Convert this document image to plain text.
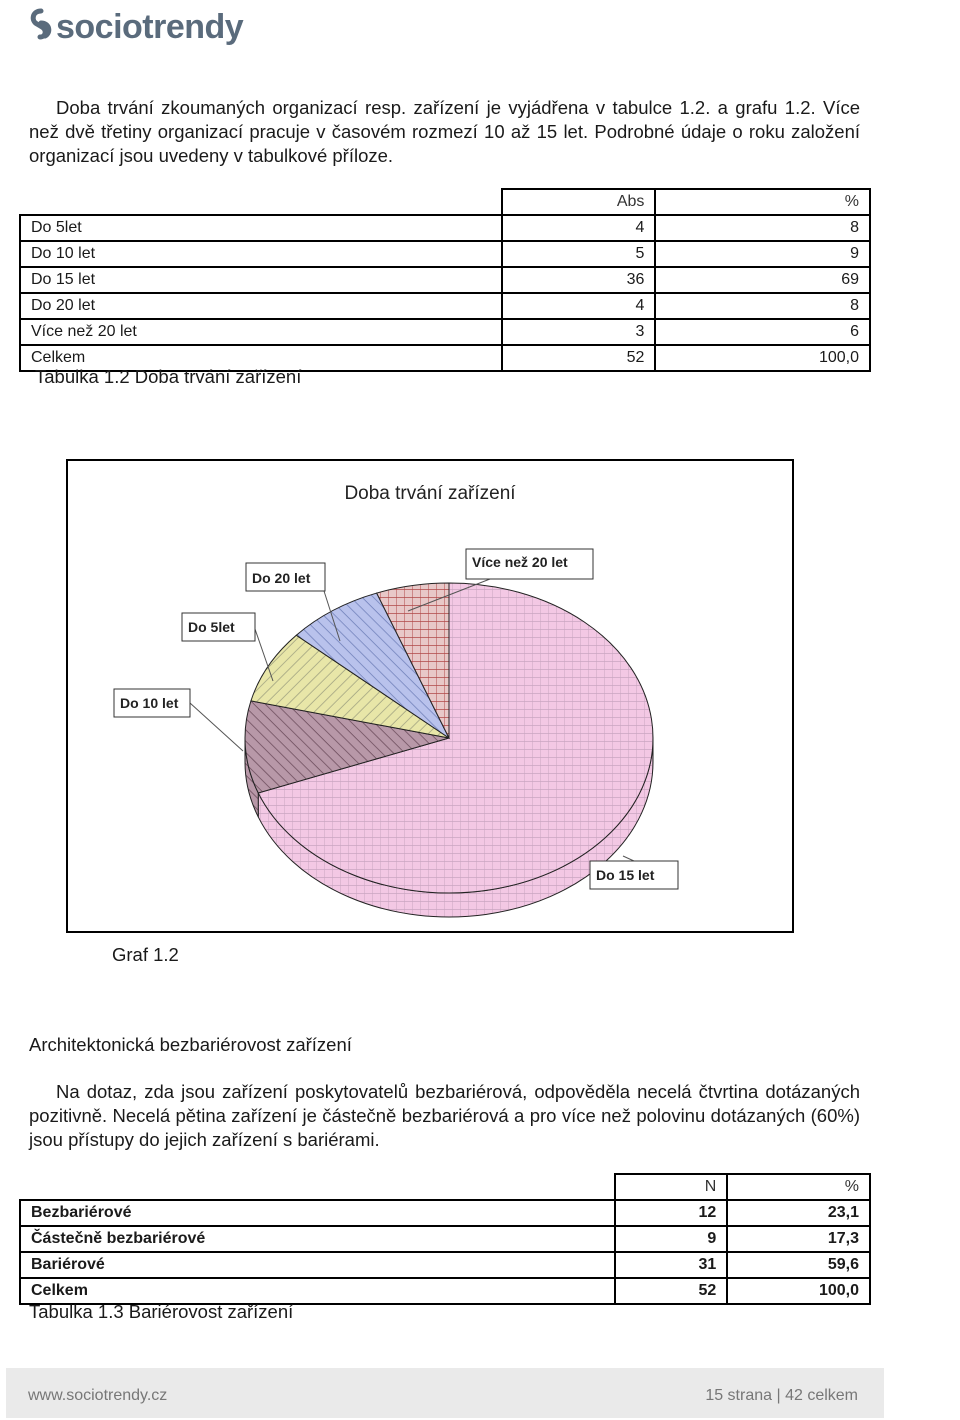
sociotrendy
Doba trvání zkoumaných organizací resp. zařízení je vyjádřena v tabulce 1.2. a grafu 1.2. Více než dvě třetiny organizací pracuje v časovém rozmezí 10 až 15 let. Podrobné údaje o roku založení organizací jsou uvedeny v tabulkové příloze.
	Abs	%
Do 5let	4	8
Do 10 let	5	9
Do 15 let	36	69
Do 20 let	4	8
Více než 20 let	3	6
Celkem	52	100,0
Tabulka 1.2 Doba trvání zařízení
Doba trvání zařízení
Do 15 let
Do 10 let
Do 5let
Do 20 let
Více než 20 let
Graf 1.2
Architektonická bezbariérovost zařízení
Na dotaz, zda jsou zařízení poskytovatelů bezbariérová, odpověděla necelá čtvrtina dotázaných pozitivně. Necelá pětina zařízení je částečně bezbariérová a pro více než polovinu dotázaných (60%) jsou přístupy do jejich zařízení s bariérami.
	N	%
Bezbariérové	12	23,1
Částečně bezbariérové	9	17,3
Bariérové	31	59,6
Celkem	52	100,0
Tabulka 1.3 Bariérovost zařízení
www.sociotrendy.cz	15 strana | 42 celkem
